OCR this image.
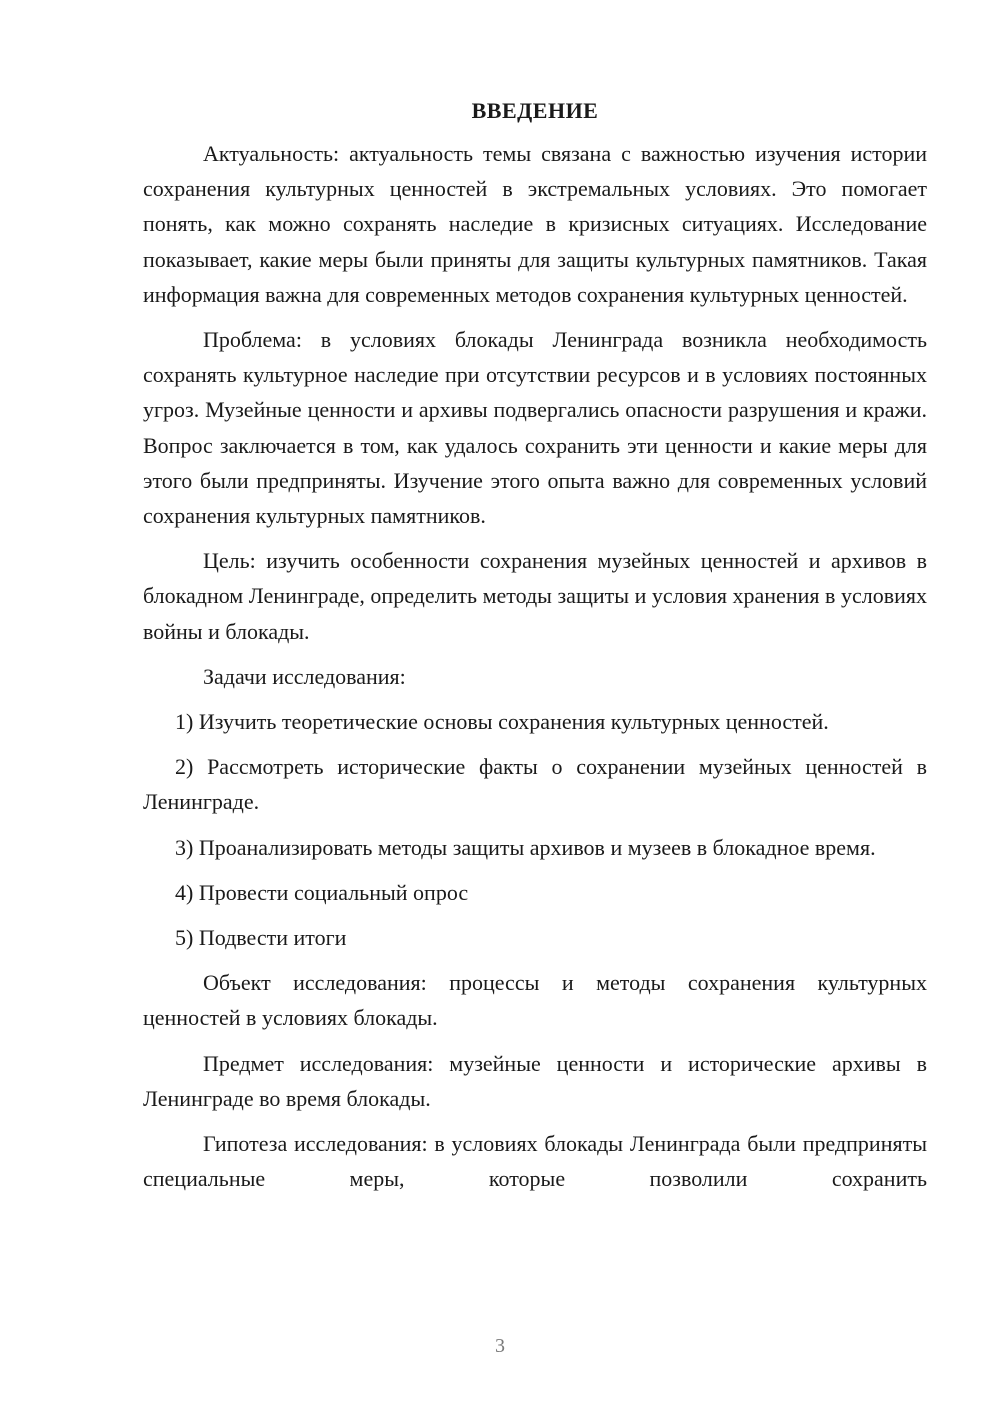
ВВЕДЕНИЕ

Актуальность: актуальность темы связана с важностью изучения истории сохранения культурных ценностей в экстремальных условиях. Это помогает понять, как можно сохранять наследие в кризисных ситуациях. Исследование показывает, какие меры были приняты для защиты культурных памятников. Такая информация важна для современных методов сохранения культурных ценностей.

Проблема: в условиях блокады Ленинграда возникла необходимость сохранять культурное наследие при отсутствии ресурсов и в условиях постоянных угроз. Музейные ценности и архивы подвергались опасности разрушения и кражи. Вопрос заключается в том, как удалось сохранить эти ценности и какие меры для этого были предприняты. Изучение этого опыта важно для современных условий сохранения культурных памятников.

Цель: изучить особенности сохранения музейных ценностей и архивов в блокадном Ленинграде, определить методы защиты и условия хранения в условиях войны и блокады.

Задачи исследования:

1) Изучить теоретические основы сохранения культурных ценностей.

2) Рассмотреть исторические факты о сохранении музейных ценностей в Ленинграде.

3) Проанализировать методы защиты архивов и музеев в блокадное время.

4) Провести социальный опрос

5) Подвести итоги

Объект исследования: процессы и методы сохранения культурных ценностей в условиях блокады.

Предмет исследования: музейные ценности и исторические архивы в Ленинграде во время блокады.

Гипотеза исследования: в условиях блокады Ленинграда были предприняты специальные меры, которые позволили сохранить

3
